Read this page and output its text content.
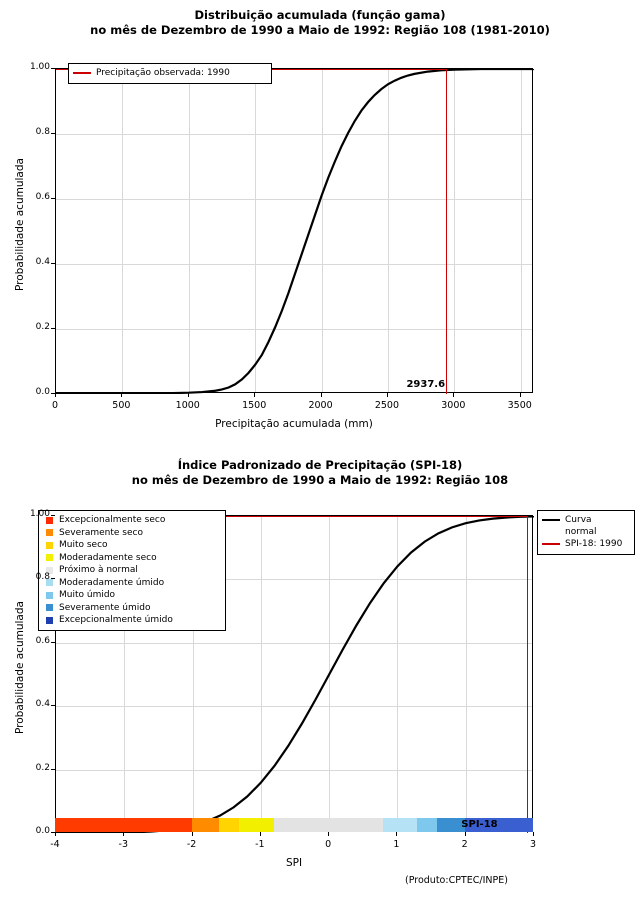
Distribuição acumulada (função gama)
no mês de Dezembro de 1990 a Maio de 1992: Região 108 (1981-2010)
Probabilidade acumulada
Precipitação acumulada (mm)
Precipitação observada: 1990
2937.6
0.0
0.2
0.4
0.6
0.8
1.00
0	500	1000	1500	2000	2500	3000	3500
Índice Padronizado de Precipitação (SPI-18)
no mês de Dezembro de 1990 a Maio de 1992: Região 108
Probabilidade acumulada
SPI
Excepcionalmente seco
Severamente seco
Muito seco
Moderadamente seco
Próximo à normal
Moderadamente úmido
Muito úmido
Severamente úmido
Excepcionalmente úmido
Curva normal
SPI-18: 1990
(Produto:CPTEC/INPE)
0.0
0.2
0.4
0.6
0.8
1.00
-4	-3	-2	-1	0	1	2	3
SPI-18
